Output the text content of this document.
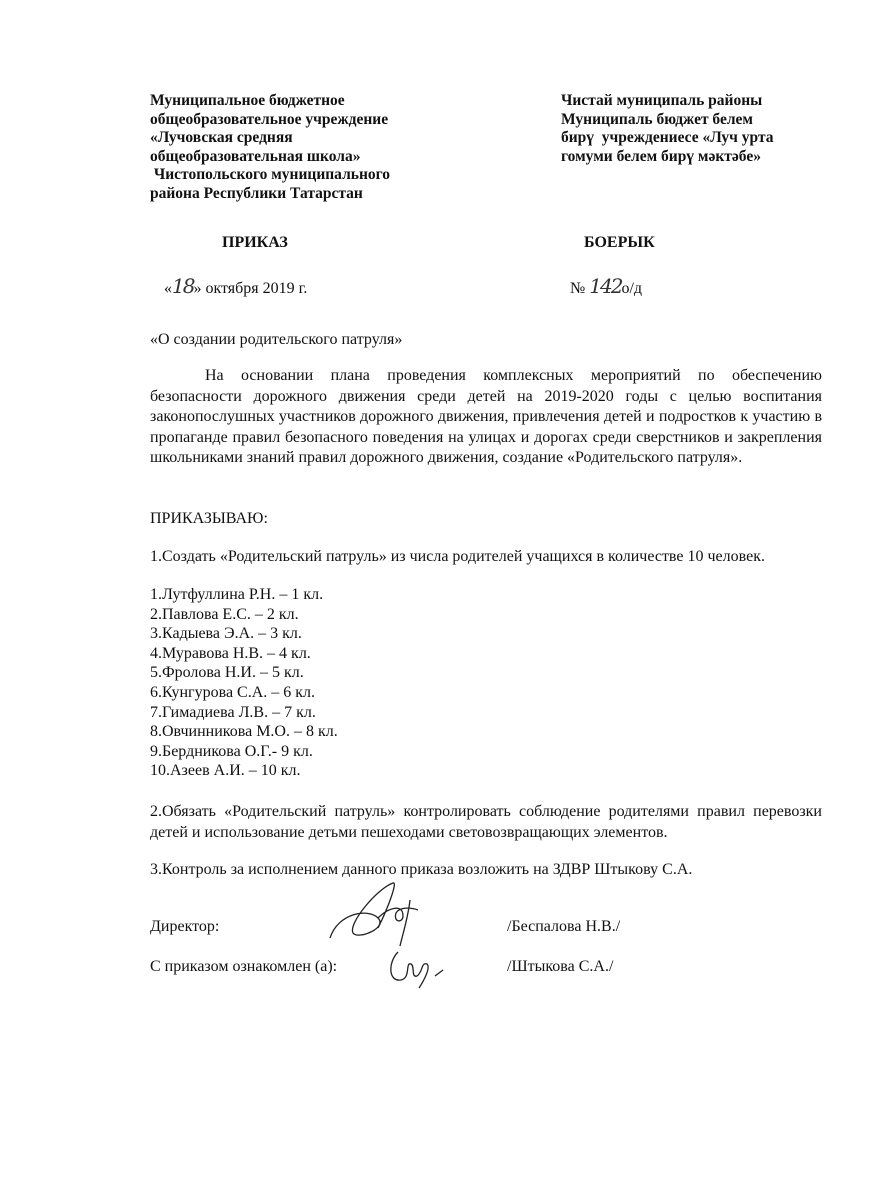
Муниципальное бюджетное
общеобразовательное учреждение
«Лучовская средняя
общеобразовательная школа»
Чистопольского муниципального
района Республики Татарстан
Чистай муниципаль районы
Муниципаль бюджет белем
бирү  учреждениесе «Луч урта
гомуми белем бирү мәктәбе»
ПРИКАЗ	БОЕРЫК
«18» октября 2019 г.	№ 142о/д
«О создании родительского патруля»
На основании плана проведения комплексных мероприятий по обеспечению безопасности дорожного движения среди детей на 2019-2020 годы с целью воспитания законопослушных участников дорожного движения, привлечения детей и подростков к участию в пропаганде правил безопасного поведения на улицах и дорогах среди сверстников и закрепления школьниками знаний правил дорожного движения, создание «Родительского патруля».
ПРИКАЗЫВАЮ:
1.Создать «Родительский патруль» из числа родителей учащихся в количестве 10 человек.
1.Лутфуллина Р.Н. – 1 кл.
2.Павлова Е.С. – 2 кл.
3.Кадыева Э.А. – 3 кл.
4.Муравова Н.В. – 4 кл.
5.Фролова Н.И. – 5 кл.
6.Кунгурова С.А. – 6 кл.
7.Гимадиева Л.В. – 7 кл.
8.Овчинникова М.О. – 8 кл.
9.Бердникова О.Г.- 9 кл.
10.Азеев А.И. – 10 кл.
2.Обязать «Родительский патруль» контролировать соблюдение родителями правил перевозки детей и использование детьми пешеходами световозвращающих элементов.
3.Контроль за исполнением данного приказа возложить на ЗДВР Штыкову С.А.
Директор:	/Беспалова Н.В./
С приказом ознакомлен (а):	/Штыкова С.А./
